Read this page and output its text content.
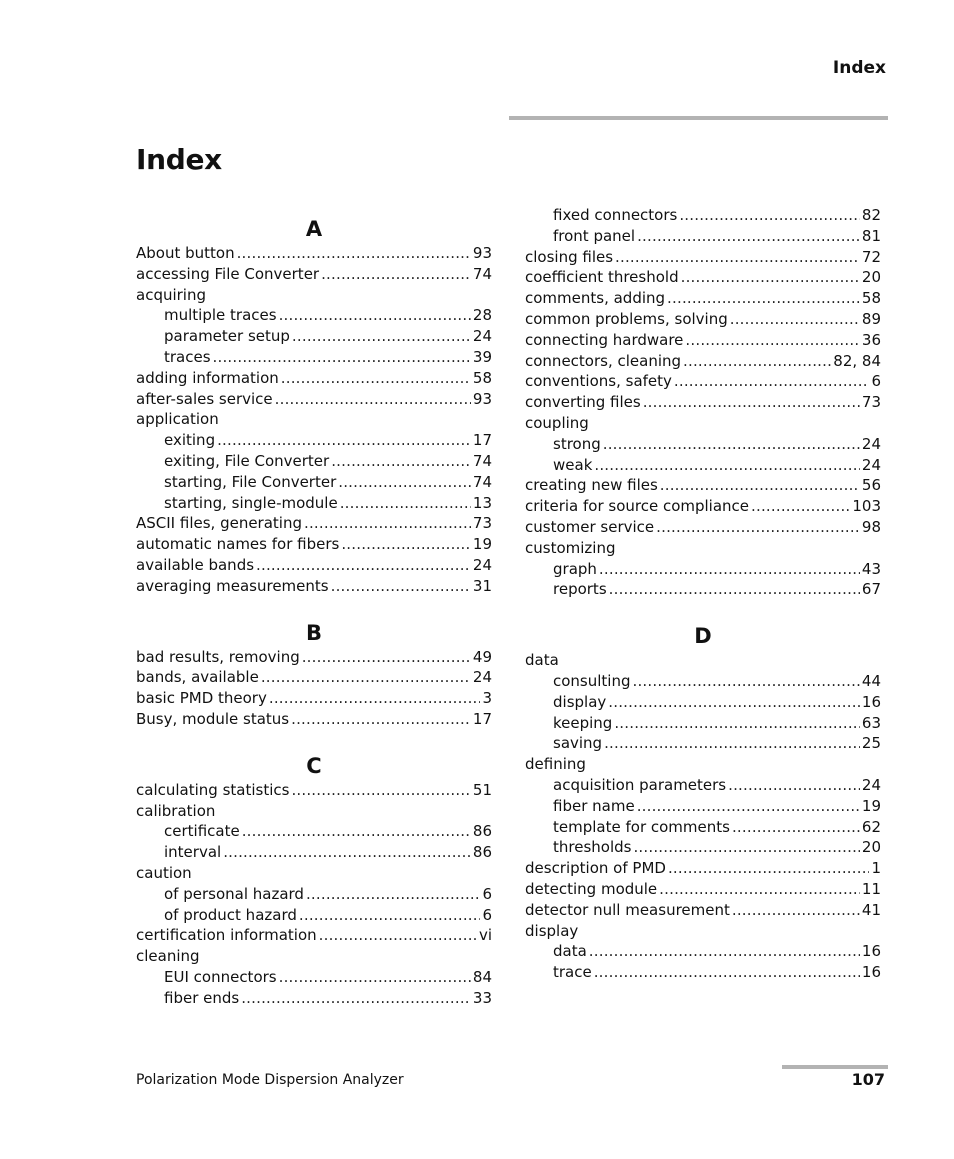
Index
Index
A
About button .....	93
accessing File Converter .....	74
acquiring
multiple traces .....	28
parameter setup .....	24
traces .....	39
adding information .....	58
after-sales service .....	93
application
exiting .....	17
exiting, File Converter .....	74
starting, File Converter .....	74
starting, single-module .....	13
ASCII files, generating .....	73
automatic names for fibers .....	19
available bands .....	24
averaging measurements .....	31
B
bad results, removing .....	49
bands, available .....	24
basic PMD theory .....	3
Busy, module status .....	17
C
calculating statistics .....	51
calibration
certificate .....	86
interval .....	86
caution
of personal hazard .....	6
of product hazard .....	6
certification information .....	vi
cleaning
EUI connectors .....	84
fiber ends .....	33
fixed connectors .....	82
front panel .....	81
closing files .....	72
coefficient threshold .....	20
comments, adding .....	58
common problems, solving .....	89
connecting hardware .....	36
connectors, cleaning .....	82, 84
conventions, safety .....	6
converting files .....	73
coupling
strong .....	24
weak .....	24
creating new files .....	56
criteria for source compliance .....	103
customer service .....	98
customizing
graph .....	43
reports .....	67
D
data
consulting .....	44
display .....	16
keeping .....	63
saving .....	25
defining
acquisition parameters .....	24
fiber name .....	19
template for comments .....	62
thresholds .....	20
description of PMD .....	1
detecting module .....	11
detector null measurement .....	41
display
data .....	16
trace .....	16
Polarization Mode Dispersion Analyzer	107
